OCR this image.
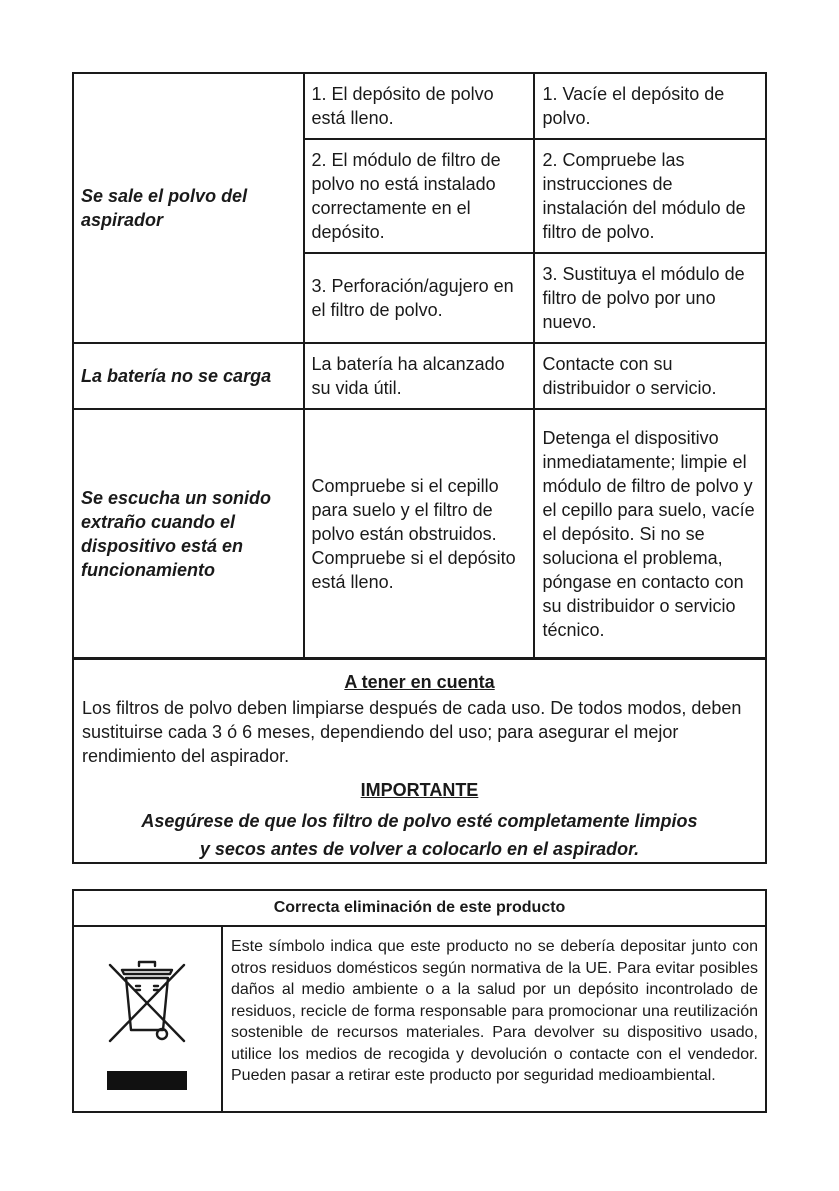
Se sale el polvo del aspirador	1. El depósito de polvo está lleno.	1. Vacíe el depósito de polvo.
	2. El módulo de filtro de polvo no está instalado correctamente en el depósito.	2. Compruebe las instrucciones de instalación del módulo de filtro de polvo.
	3. Perforación/agujero en el filtro de polvo.	3. Sustituya el módulo de filtro de polvo por uno nuevo.
La batería no se carga	La batería ha alcanzado su vida útil.	Contacte con su distribuidor o servicio.
Se escucha un sonido extraño cuando el dispositivo está en funcionamiento	Compruebe si el cepillo para suelo y el filtro de polvo están obstruidos. Compruebe si el depósito está lleno.	Detenga el dispositivo inmediatamente; limpie el módulo de filtro de polvo y el cepillo para suelo, vacíe el depósito. Si no se soluciona el problema, póngase en contacto con su distribuidor o servicio técnico.
A tener en cuenta
Los filtros de polvo deben limpiarse después de cada uso. De todos modos, deben sustituirse cada 3 ó 6 meses, dependiendo del uso; para asegurar el mejor rendimiento del aspirador.
IMPORTANTE
Asegúrese de que los filtro de polvo esté completamente limpios
y secos antes de volver a colocarlo en el aspirador.
Correcta eliminación de este producto
Este símbolo indica que este producto no se debería depositar junto con otros residuos domésticos según normativa de la UE. Para evitar posibles daños al medio ambiente o a la salud por un depósito incontrolado de residuos, recicle de forma responsable para promocionar una reutilización sostenible de recursos materiales. Para devolver su dispositivo usado, utilice los medios de recogida y devolución o contacte con el vendedor. Pueden pasar a retirar este producto por seguridad medioambiental.
